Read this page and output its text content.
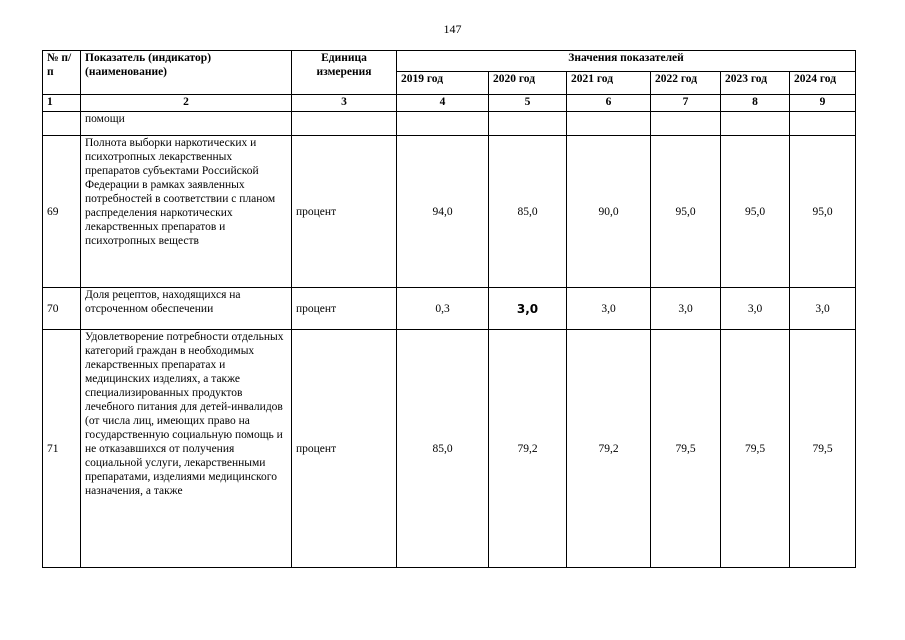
147
№ п/п	Показатель (индикатор) (наименование)	Единица измерения	Значения показателей					
			2019 год	2020 год	2021 год	2022 год	2023 год	2024 год
1	2	3	4	5	6	7	8	9
	помощи							
69	Полнота выборки наркотических и психотропных лекарственных препаратов субъектами Российской Федерации в рамках заявленных потребностей в соответствии с планом распределения наркотических лекарственных препаратов и психотропных веществ	процент	94,0	85,0	90,0	95,0	95,0	95,0
70	Доля рецептов, находящихся на отсроченном обеспечении	процент	0,3	3,0	3,0	3,0	3,0	3,0
71	Удовлетворение потребности отдельных категорий граждан в необходимых лекарственных препаратах и медицинских изделиях, а также специализированных продуктов лечебного питания для детей-инвалидов (от числа лиц, имеющих право на государственную социальную помощь и не отказавшихся от получения социальной услуги, лекарственными препаратами, изделиями медицинского назначения, а также	процент	85,0	79,2	79,2	79,5	79,5	79,5
